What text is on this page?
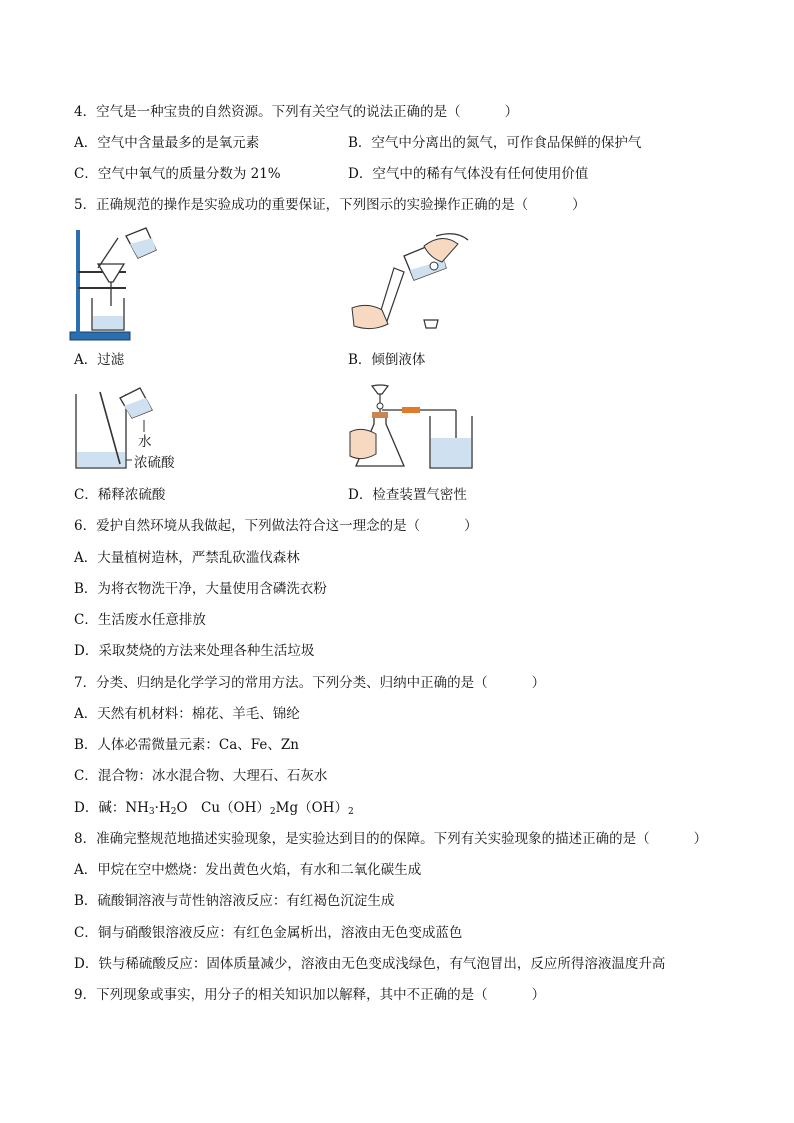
4．空气是一种宝贵的自然资源。下列有关空气的说法正确的是（	）
A．空气中含量最多的是氧元素	B．空气中分离出的氮气，可作食品保鲜的保护气
C．空气中氧气的质量分数为 21%	D．空气中的稀有气体没有任何使用价值
5．正确规范的操作是实验成功的重要保证，下列图示的实验操作正确的是（	）
A．过滤	B．倾倒液体
水
浓硫酸
C．稀释浓硫酸	D．检查装置气密性
6．爱护自然环境从我做起，下列做法符合这一理念的是（	）
A．大量植树造林，严禁乱砍滥伐森林
B．为将衣物洗干净，大量使用含磷洗衣粉
C．生活废水任意排放
D．采取焚烧的方法来处理各种生活垃圾
7．分类、归纳是化学学习的常用方法。下列分类、归纳中正确的是（	）
A．天然有机材料：棉花、羊毛、锦纶
B．人体必需微量元素：Ca、Fe、Zn
C．混合物：冰水混合物、大理石、石灰水
D．碱：$NH_3\cdot H_2O$　$Cu(OH)_2Mg(OH)_2$
8．准确完整规范地描述实验现象，是实验达到目的的保障。下列有关实验现象的描述正确的是（	）
A．甲烷在空中燃烧：发出黄色火焰，有水和二氧化碳生成
B．硫酸铜溶液与苛性钠溶液反应：有红褐色沉淀生成
C．铜与硝酸银溶液反应：有红色金属析出，溶液由无色变成蓝色
D．铁与稀硫酸反应：固体质量减少，溶液由无色变成浅绿色，有气泡冒出，反应所得溶液温度升高
9．下列现象或事实，用分子的相关知识加以解释，其中不正确的是（	）
